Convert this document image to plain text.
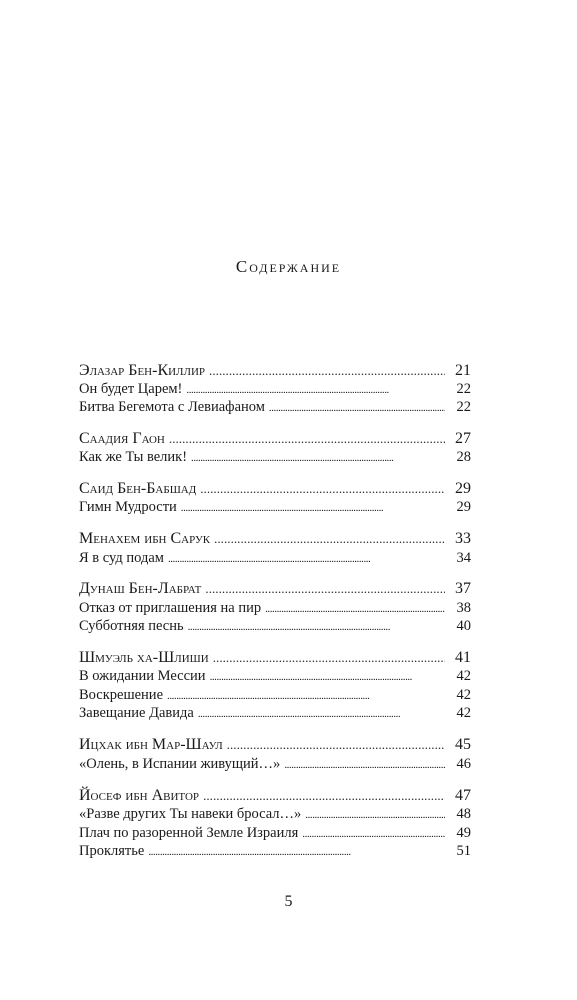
Содержание
Элазар Бен-Киллир . . .	21
Он будет Царем! . . .	22
Битва Бегемота с Левиафаном . . .	22
Саадия Гаон . . .	27
Как же Ты велик! . . .	28
Саид Бен-Бабшад . . .	29
Гимн Мудрости . . .	29
Менахем ибн Сарук . . .	33
Я в суд подам . . .	34
Дунаш Бен-Лабрат . . .	37
Отказ от приглашения на пир . . .	38
Субботняя песнь . . .	40
Шмуэль ха-Шлиши . . .	41
В ожидании Мессии . . .	42
Воскрешение . . .	42
Завещание Давида . . .	42
Ицхак ибн Мар-Шаул . . .	45
«Олень, в Испании живущий…» . . .	46
Йосеф ибн Авитор . . .	47
«Разве других Ты навеки бросал…» . . .	48
Плач по разоренной Земле Израиля . . .	49
Проклятье . . .	51
5
